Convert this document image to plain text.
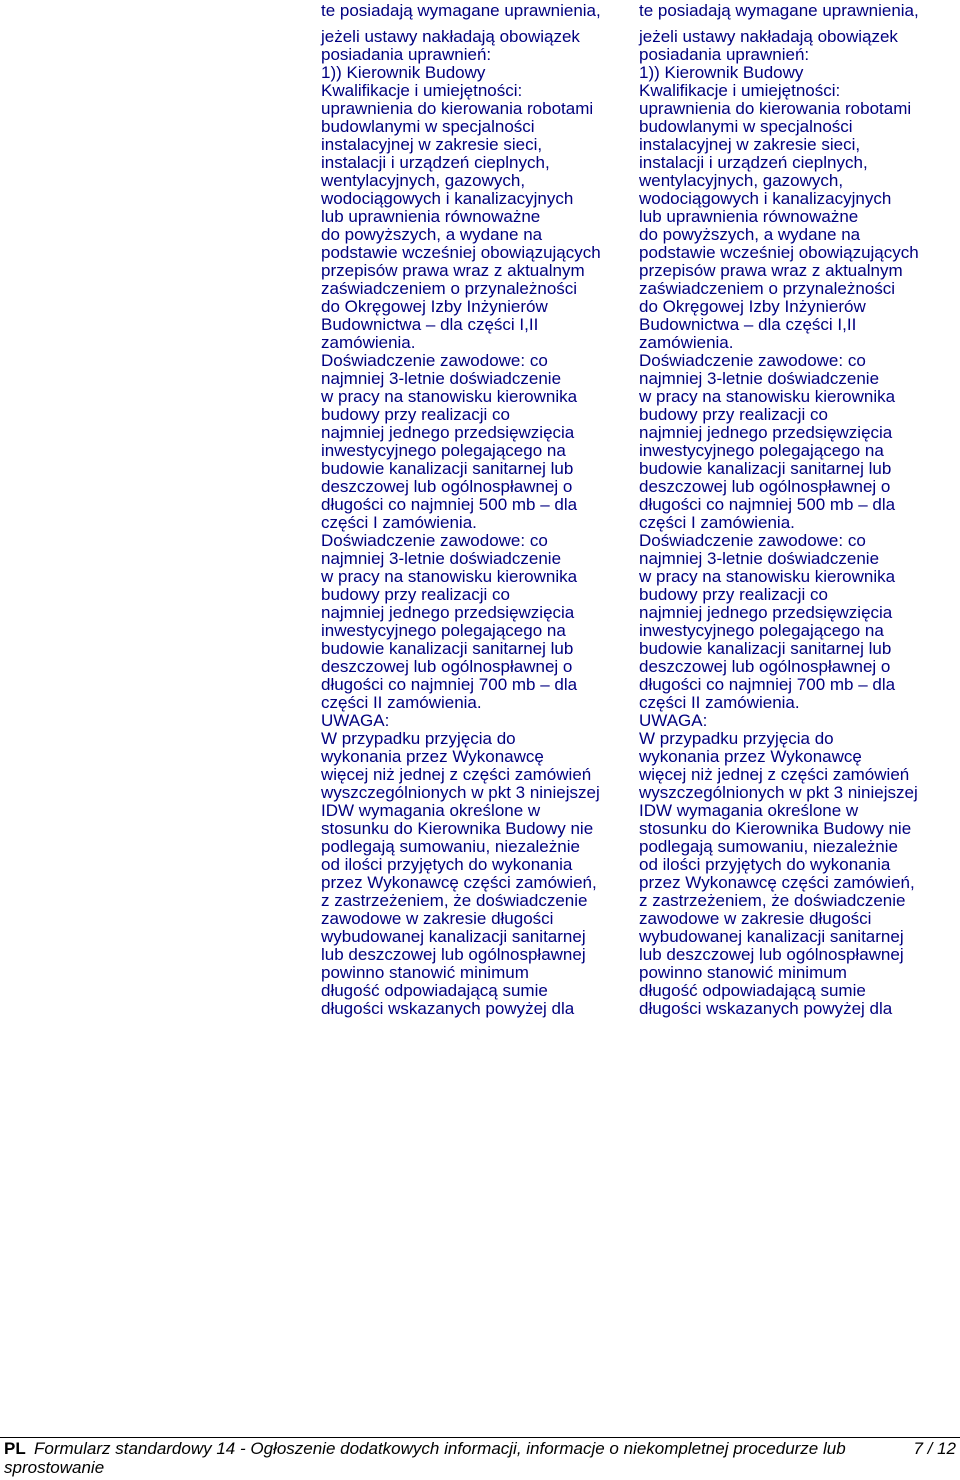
te posiadają wymagane uprawnienia,
jeżeli ustawy nakładają obowiązek
posiadania uprawnień:
1)) Kierownik Budowy
Kwalifikacje i umiejętności:
uprawnienia do kierowania robotami
budowlanymi w specjalności
instalacyjnej w zakresie sieci,
instalacji i urządzeń cieplnych,
wentylacyjnych, gazowych,
wodociągowych i kanalizacyjnych
lub uprawnienia równoważne
do powyższych, a wydane na
podstawie wcześniej obowiązujących
przepisów prawa wraz z aktualnym
zaświadczeniem o przynależności
do Okręgowej Izby Inżynierów
Budownictwa – dla części I,II
zamówienia.
Doświadczenie zawodowe: co
najmniej 3-letnie doświadczenie
w pracy na stanowisku kierownika
budowy przy realizacji co
najmniej jednego przedsięwzięcia
inwestycyjnego polegającego na
budowie kanalizacji sanitarnej lub
deszczowej lub ogólnospławnej o
długości co najmniej 500 mb – dla
części I zamówienia.
Doświadczenie zawodowe: co
najmniej 3-letnie doświadczenie
w pracy na stanowisku kierownika
budowy przy realizacji co
najmniej jednego przedsięwzięcia
inwestycyjnego polegającego na
budowie kanalizacji sanitarnej lub
deszczowej lub ogólnospławnej o
długości co najmniej 700 mb – dla
części II zamówienia.
UWAGA:
W przypadku przyjęcia do
wykonania przez Wykonawcę
więcej niż jednej z części zamówień
wyszczególnionych w pkt 3 niniejszej
IDW wymagania określone w
stosunku do Kierownika Budowy nie
podlegają sumowaniu, niezależnie
od ilości przyjętych do wykonania
przez Wykonawcę części zamówień,
z zastrzeżeniem, że doświadczenie
zawodowe w zakresie długości
wybudowanej kanalizacji sanitarnej
lub deszczowej lub ogólnospławnej
powinno stanowić minimum
długość odpowiadającą sumie
długości wskazanych powyżej dla
te posiadają wymagane uprawnienia,
jeżeli ustawy nakładają obowiązek
posiadania uprawnień:
1)) Kierownik Budowy
Kwalifikacje i umiejętności:
uprawnienia do kierowania robotami
budowlanymi w specjalności
instalacyjnej w zakresie sieci,
instalacji i urządzeń cieplnych,
wentylacyjnych, gazowych,
wodociągowych i kanalizacyjnych
lub uprawnienia równoważne
do powyższych, a wydane na
podstawie wcześniej obowiązujących
przepisów prawa wraz z aktualnym
zaświadczeniem o przynależności
do Okręgowej Izby Inżynierów
Budownictwa – dla części I,II
zamówienia.
Doświadczenie zawodowe: co
najmniej 3-letnie doświadczenie
w pracy na stanowisku kierownika
budowy przy realizacji co
najmniej jednego przedsięwzięcia
inwestycyjnego polegającego na
budowie kanalizacji sanitarnej lub
deszczowej lub ogólnospławnej o
długości co najmniej 500 mb – dla
części I zamówienia.
Doświadczenie zawodowe: co
najmniej 3-letnie doświadczenie
w pracy na stanowisku kierownika
budowy przy realizacji co
najmniej jednego przedsięwzięcia
inwestycyjnego polegającego na
budowie kanalizacji sanitarnej lub
deszczowej lub ogólnospławnej o
długości co najmniej 700 mb – dla
części II zamówienia.
UWAGA:
W przypadku przyjęcia do
wykonania przez Wykonawcę
więcej niż jednej z części zamówień
wyszczególnionych w pkt 3 niniejszej
IDW wymagania określone w
stosunku do Kierownika Budowy nie
podlegają sumowaniu, niezależnie
od ilości przyjętych do wykonania
przez Wykonawcę części zamówień,
z zastrzeżeniem, że doświadczenie
zawodowe w zakresie długości
wybudowanej kanalizacji sanitarnej
lub deszczowej lub ogólnospławnej
powinno stanowić minimum
długość odpowiadającą sumie
długości wskazanych powyżej dla
PL Formularz standardowy 14 - Ogłoszenie dodatkowych informacji, informacje o niekompletnej procedurze lub sprostowanie
7 / 12
